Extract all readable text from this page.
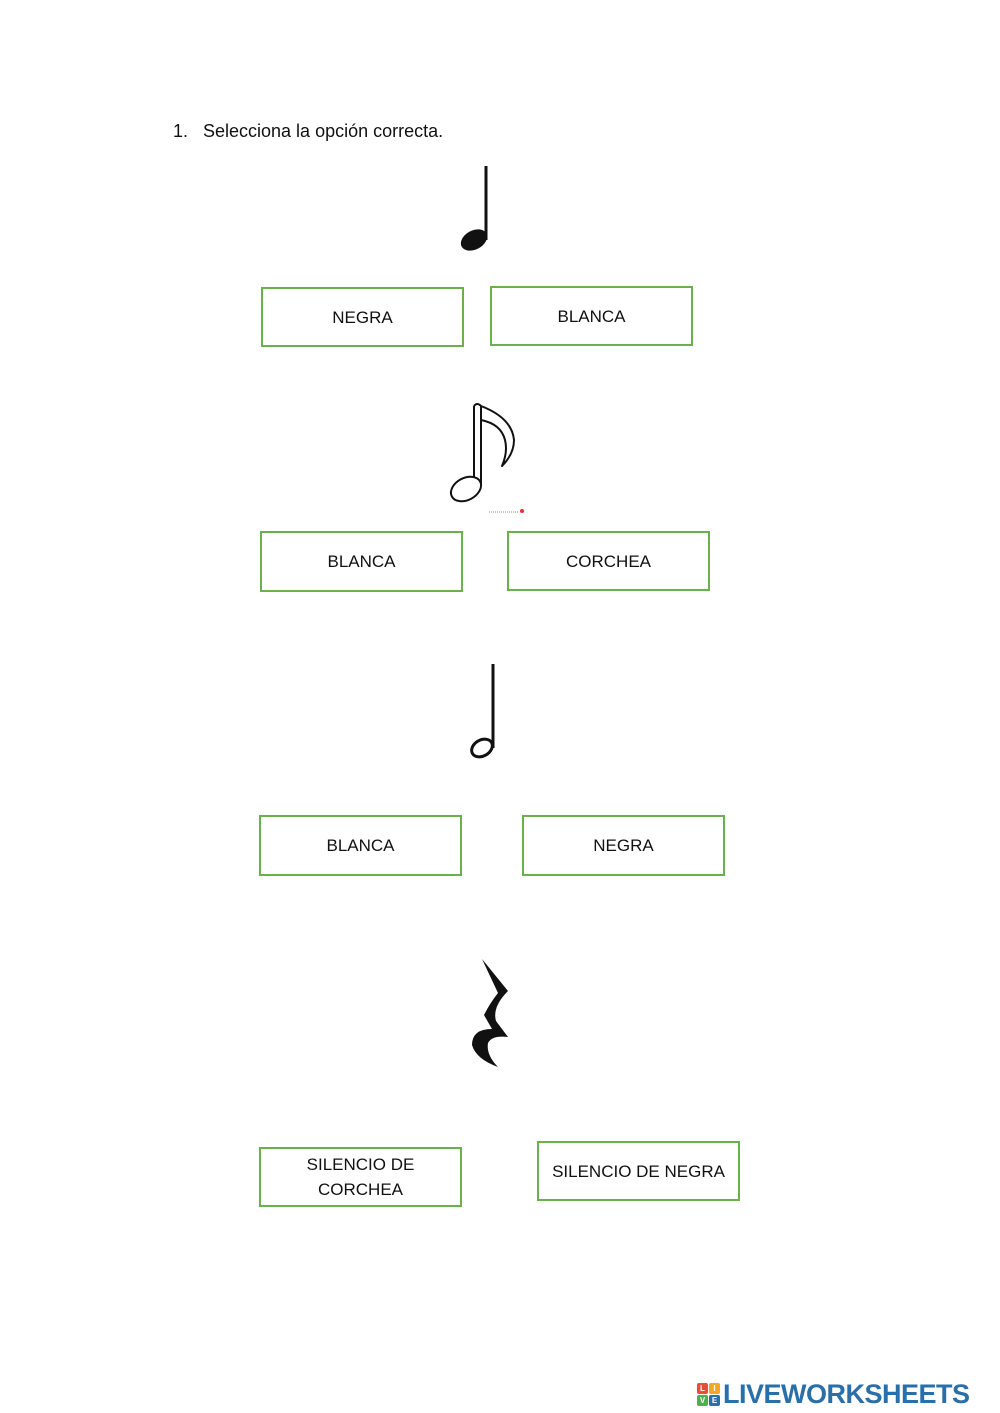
1. Selecciona la opción correcta.
NEGRA	BLANCA
BLANCA	CORCHEA
BLANCA	NEGRA
SILENCIO DE
CORCHEA
SILENCIO DE NEGRA
L	I
V E LIVEWORKSHEETS
